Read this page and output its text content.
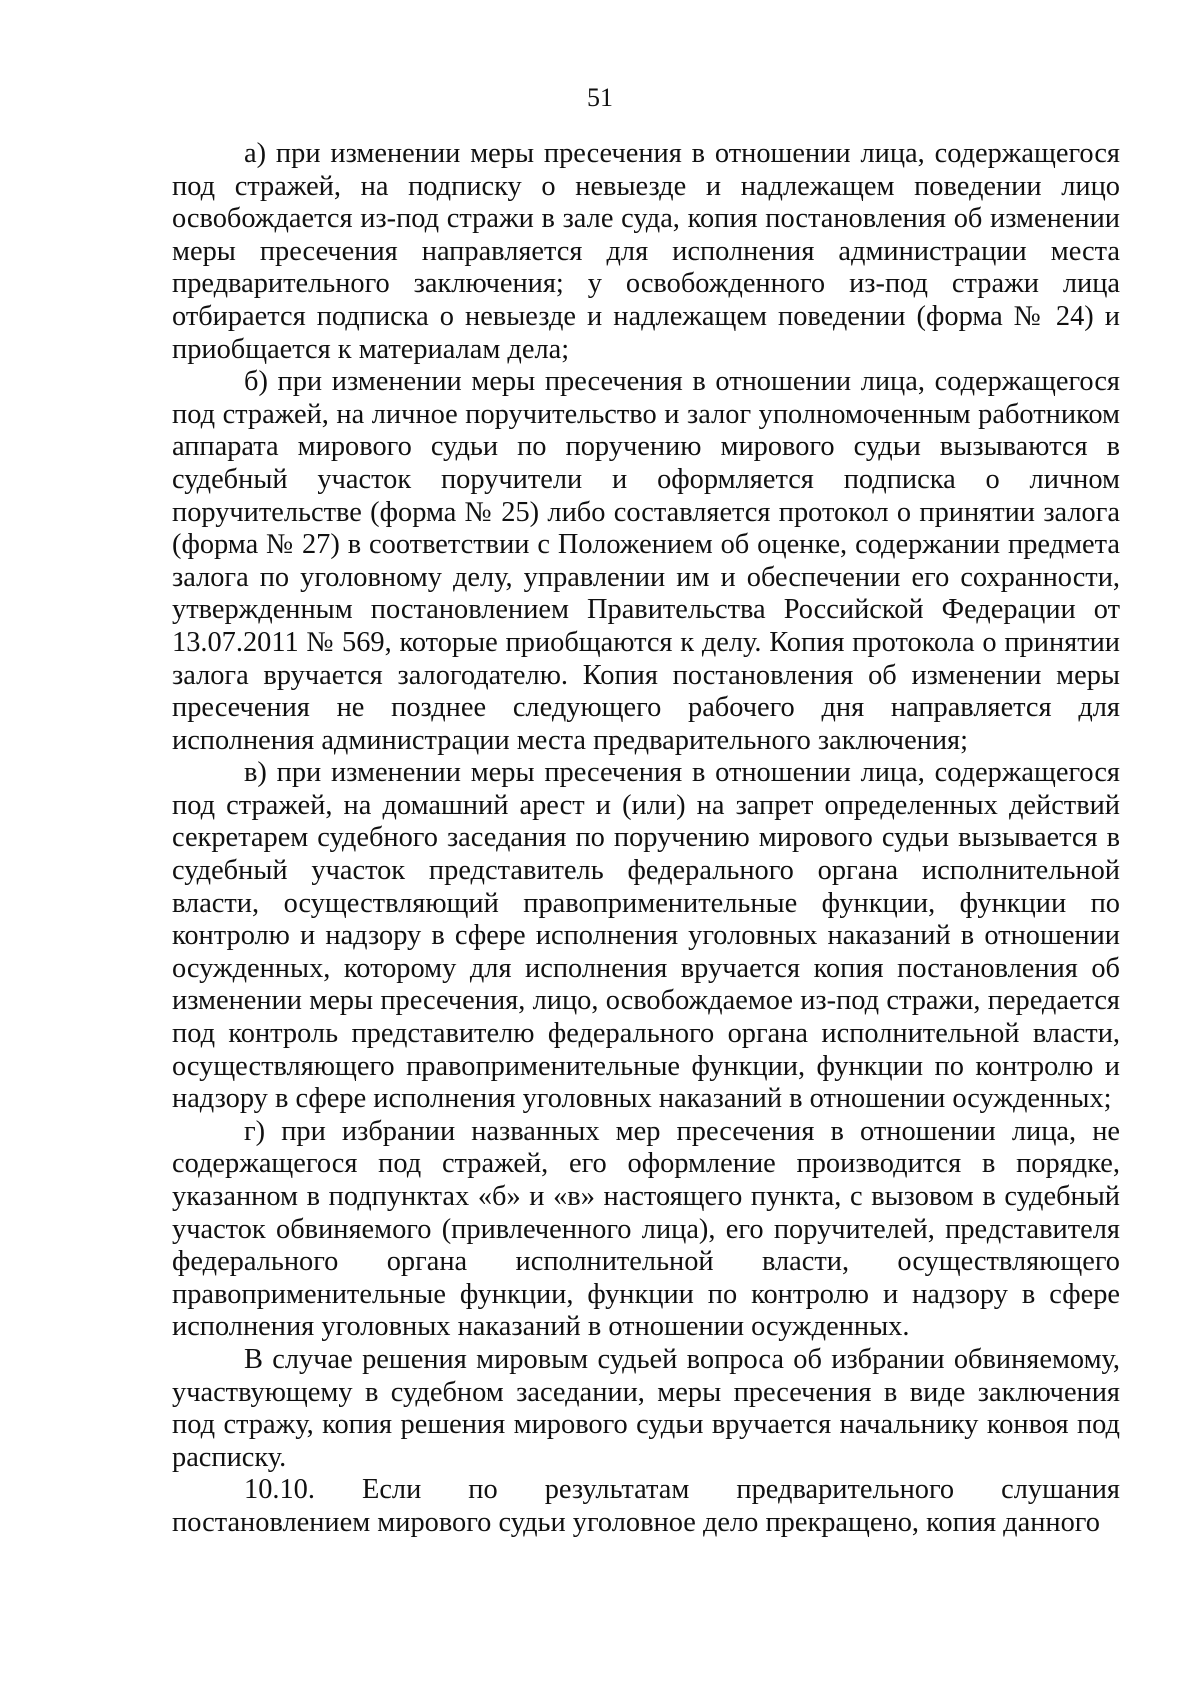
51

а) при изменении меры пресечения в отношении лица, содержащегося под стражей, на подписку о невыезде и надлежащем поведении лицо освобождается из-под стражи в зале суда, копия постановления об изменении меры пресечения направляется для исполнения администрации места предварительного заключения; у освобожденного из-под стражи лица отбирается подписка о невыезде и надлежащем поведении (форма № 24) и приобщается к материалам дела;

б) при изменении меры пресечения в отношении лица, содержащегося под стражей, на личное поручительство и залог уполномоченным работником аппарата мирового судьи по поручению мирового судьи вызываются в судебный участок поручители и оформляется подписка о личном поручительстве (форма № 25) либо составляется протокол о принятии залога (форма № 27) в соответствии с Положением об оценке, содержании предмета залога по уголовному делу, управлении им и обеспечении его сохранности, утвержденным постановлением Правительства Российской Федерации от 13.07.2011 № 569, которые приобщаются к делу. Копия протокола о принятии залога вручается залогодателю. Копия постановления об изменении меры пресечения не позднее следующего рабочего дня направляется для исполнения администрации места предварительного заключения;

в) при изменении меры пресечения в отношении лица, содержащегося под стражей, на домашний арест и (или) на запрет определенных действий секретарем судебного заседания по поручению мирового судьи вызывается в судебный участок представитель федерального органа исполнительной власти, осуществляющий правоприменительные функции, функции по контролю и надзору в сфере исполнения уголовных наказаний в отношении осужденных, которому для исполнения вручается копия постановления об изменении меры пресечения, лицо, освобождаемое из-под стражи, передается под контроль представителю федерального органа исполнительной власти, осуществляющего правоприменительные функции, функции по контролю и надзору в сфере исполнения уголовных наказаний в отношении осужденных;

г) при избрании названных мер пресечения в отношении лица, не содержащегося под стражей, его оформление производится в порядке, указанном в подпунктах «б» и «в» настоящего пункта, с вызовом в судебный участок обвиняемого (привлеченного лица), его поручителей, представителя федерального органа исполнительной власти, осуществляющего правоприменительные функции, функции по контролю и надзору в сфере исполнения уголовных наказаний в отношении осужденных.

В случае решения мировым судьей вопроса об избрании обвиняемому, участвующему в судебном заседании, меры пресечения в виде заключения под стражу, копия решения мирового судьи вручается начальнику конвоя под расписку.

10.10. Если по результатам предварительного слушания постановлением мирового судьи уголовное дело прекращено, копия данного
